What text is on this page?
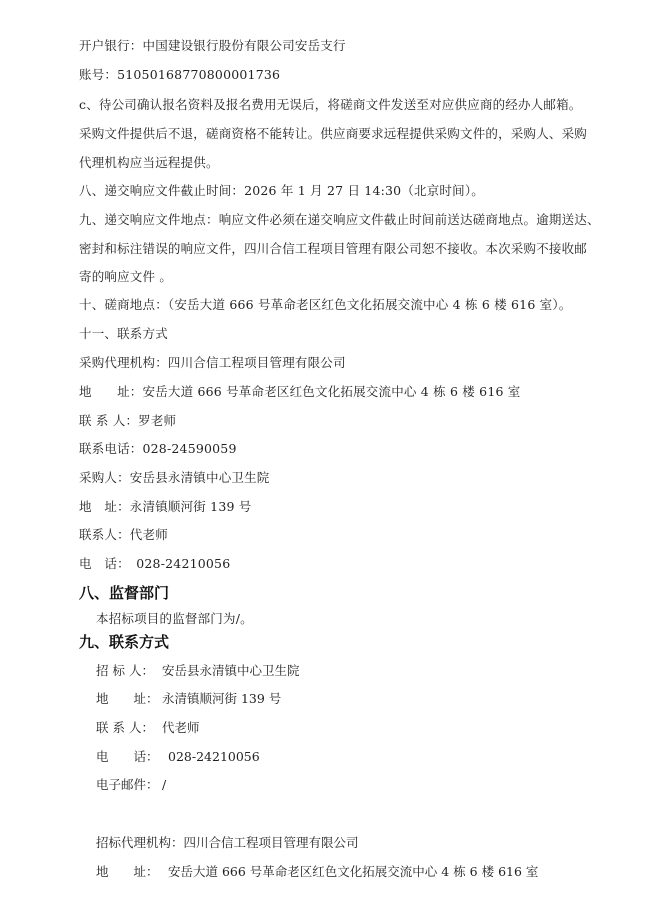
开户银行：中国建设银行股份有限公司安岳支行
账号：51050168770800001736
c、待公司确认报名资料及报名费用无误后，将磋商文件发送至对应供应商的经办人邮箱。
采购文件提供后不退，磋商资格不能转让。供应商要求远程提供采购文件的，采购人、采购
代理机构应当远程提供。
八、递交响应文件截止时间：2026 年 1 月 27 日 14:30（北京时间）。
九、递交响应文件地点：响应文件必须在递交响应文件截止时间前送达磋商地点。逾期送达、
密封和标注错误的响应文件，四川合信工程项目管理有限公司恕不接收。本次采购不接收邮
寄的响应文件 。
十、磋商地点：（安岳大道 666 号革命老区红色文化拓展交流中心 4 栋 6 楼 616 室）。
十一、联系方式
采购代理机构：四川合信工程项目管理有限公司
地　　址：安岳大道 666 号革命老区红色文化拓展交流中心 4 栋 6 楼 616 室
联 系 人：罗老师
联系电话：028-24590059
采购人：安岳县永清镇中心卫生院
地　址：永清镇顺河街 139 号
联系人：代老师
电　话：　028-24210056
八、监督部门
本招标项目的监督部门为/。
九、联系方式
招 标 人： 安岳县永清镇中心卫生院
地　　址： 永清镇顺河街 139 号
联 系 人： 代老师
电　　话： 028-24210056
电子邮件： /
招标代理机构：四川合信工程项目管理有限公司
地　　址： 安岳大道 666 号革命老区红色文化拓展交流中心 4 栋 6 楼 616 室
